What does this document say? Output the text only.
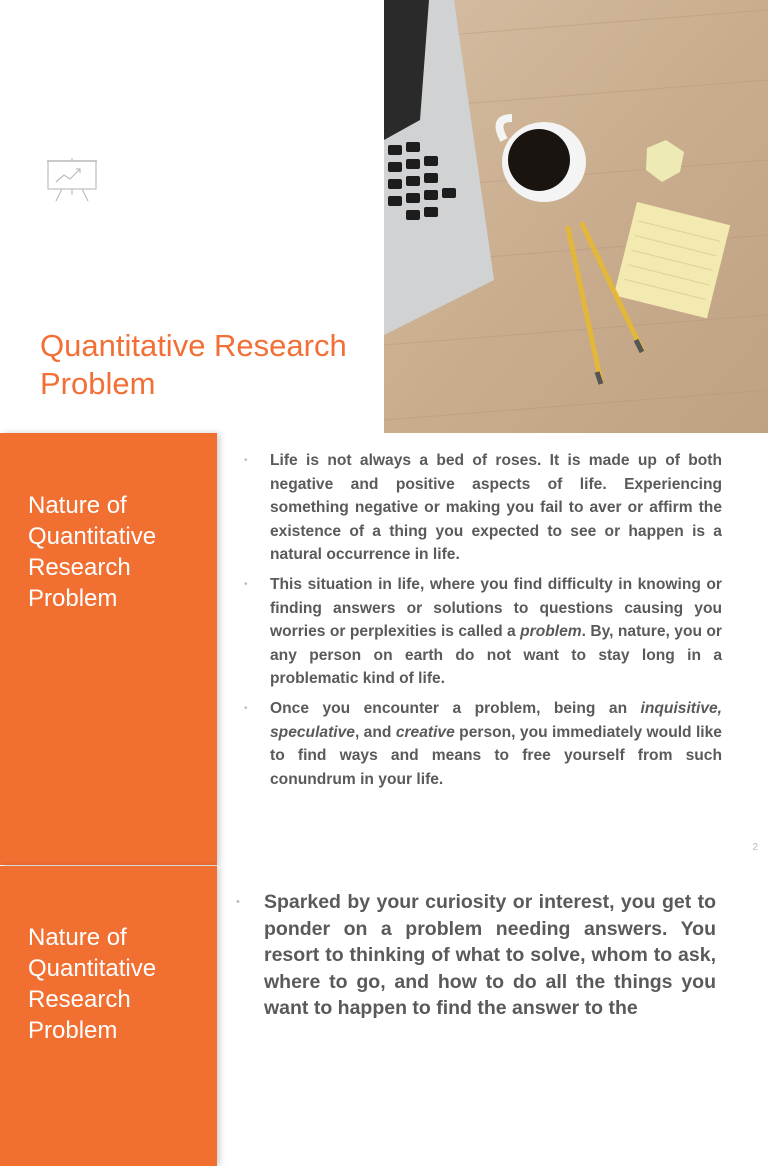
Quantitative Research Problem
Nature of Quantitative Research Problem
• Life is not always a bed of roses. It is made up of both negative and positive aspects of life. Experiencing something negative or making you fail to aver or affirm the existence of a thing you expected to see or happen is a natural occurrence in life.
• This situation in life, where you find difficulty in knowing or finding answers or solutions to questions causing you worries or perplexities is called a problem. By, nature, you or any person on earth do not want to stay long in a problematic kind of life.
• Once you encounter a problem, being an inquisitive, speculative, and creative person, you immediately would like to find ways and means to free yourself from such conundrum in your life.
2
Nature of Quantitative Research Problem
• Sparked by your curiosity or interest, you get to ponder on a problem needing answers. You resort to thinking of what to solve, whom to ask, where to go, and how to do all the things you want to happen to find the answer to the
